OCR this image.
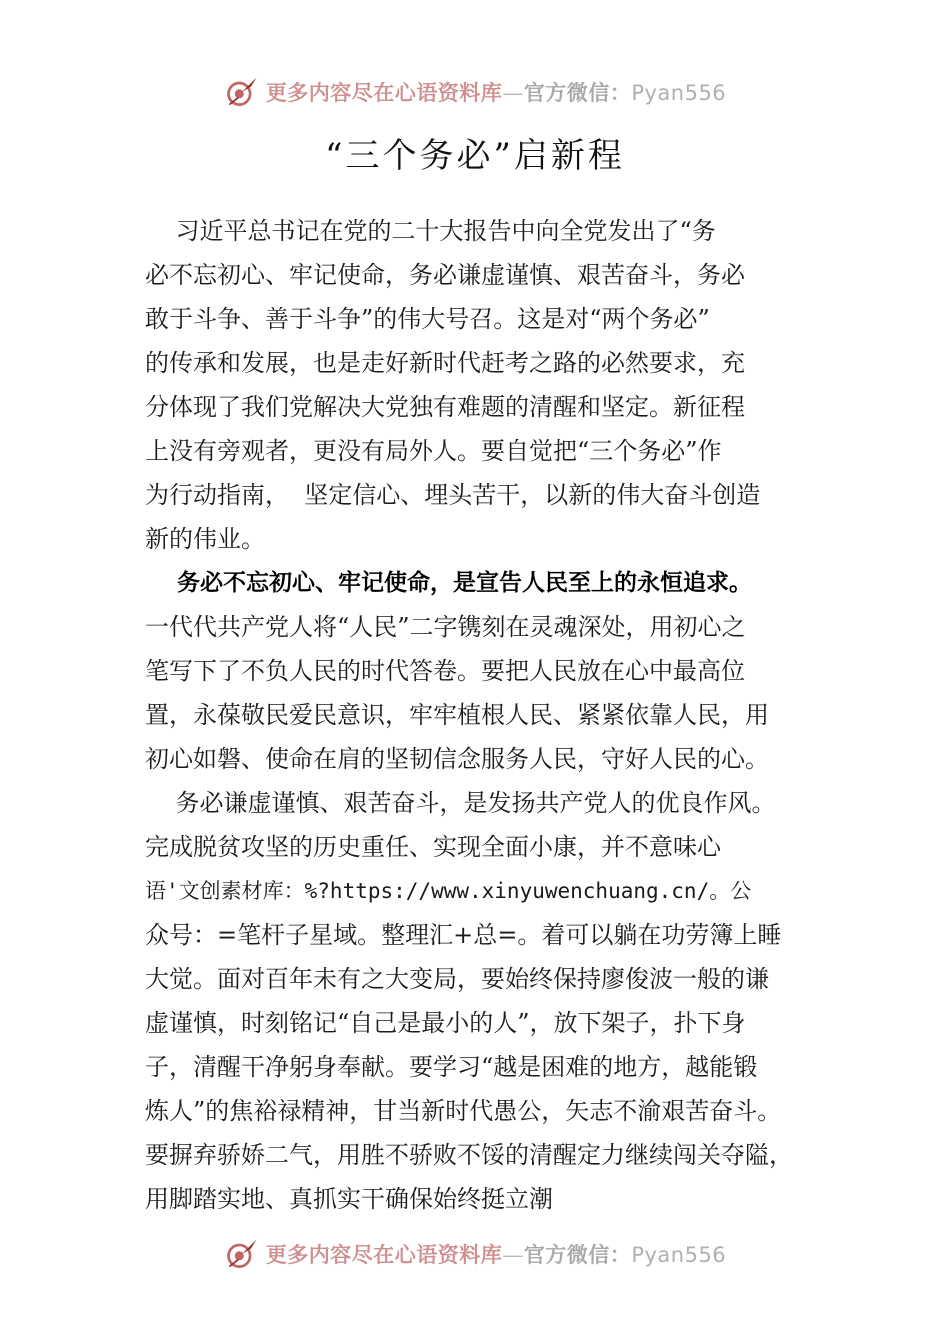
更多内容尽在心语资料库—官方微信：Pyan556
“三个务必”启新程
习近平总书记在党的二十大报告中向全党发出了“务
必不忘初心、牢记使命，务必谦虚谨慎、艰苦奋斗，务必
敢于斗争、善于斗争”的伟大号召。这是对“两个务必”
的传承和发展，也是走好新时代赶考之路的必然要求，充
分体现了我们党解决大党独有难题的清醒和坚定。新征程
上没有旁观者，更没有局外人。要自觉把“三个务必”作
为行动指南，  坚定信心、埋头苦干，以新的伟大奋斗创造
新的伟业。
务必不忘初心、牢记使命，是宣告人民至上的永恒追求。
一代代共产党人将“人民”二字镌刻在灵魂深处，用初心之
笔写下了不负人民的时代答卷。要把人民放在心中最高位
置，永葆敬民爱民意识，牢牢植根人民、紧紧依靠人民，用
初心如磐、使命在肩的坚韧信念服务人民，守好人民的心。
务必谦虚谨慎、艰苦奋斗，是发扬共产党人的优良作风。
完成脱贫攻坚的历史重任、实现全面小康，并不意味心
语'文创素材库：%?https://www.xinyuwenchuang.cn/。公
众号：=笔杆子星域。整理汇+总=。着可以躺在功劳簿上睡
大觉。面对百年未有之大变局，要始终保持廖俊波一般的谦
虚谨慎，时刻铭记“自己是最小的人”，放下架子，扑下身
子，清醒干净躬身奉献。要学习“越是困难的地方，越能锻
炼人”的焦裕禄精神，甘当新时代愚公，矢志不渝艰苦奋斗。
要摒弃骄娇二气，用胜不骄败不馁的清醒定力继续闯关夺隘，
用脚踏实地、真抓实干确保始终挺立潮
更多内容尽在心语资料库—官方微信：Pyan556
